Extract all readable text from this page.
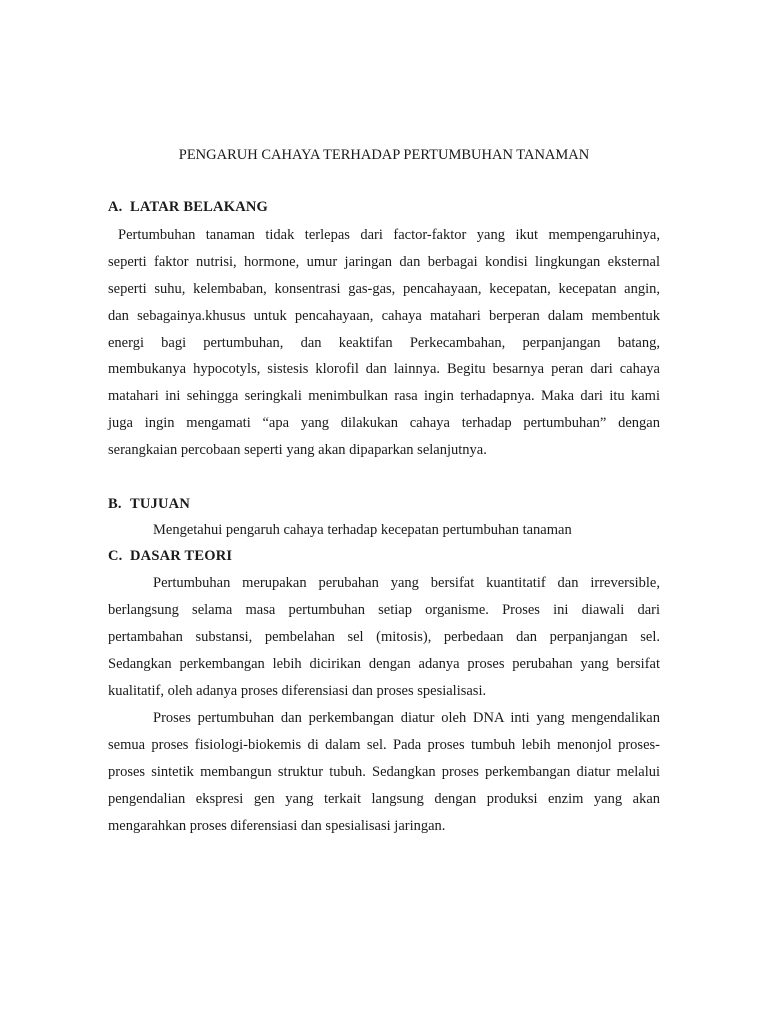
PENGARUH CAHAYA TERHADAP PERTUMBUHAN TANAMAN
A. LATAR BELAKANG
Pertumbuhan tanaman tidak terlepas dari factor-faktor yang ikut mempengaruhinya,
seperti faktor nutrisi, hormone, umur jaringan dan berbagai kondisi lingkungan eksternal
seperti suhu, kelembaban, konsentrasi gas-gas, pencahayaan, kecepatan, kecepatan angin,
dan sebagainya.khusus untuk pencahayaan, cahaya matahari berperan dalam membentuk
energi bagi pertumbuhan, dan keaktifan Perkecambahan, perpanjangan batang,
membukanya hypocotyls, sistesis klorofil dan lainnya. Begitu besarnya peran dari cahaya
matahari ini sehingga seringkali menimbulkan rasa ingin terhadapnya. Maka dari itu kami
juga ingin mengamati “apa yang dilakukan cahaya terhadap pertumbuhan” dengan
serangkaian percobaan seperti yang akan dipaparkan selanjutnya.
B. TUJUAN
Mengetahui pengaruh cahaya terhadap kecepatan pertumbuhan tanaman
C. DASAR TEORI
Pertumbuhan merupakan perubahan yang bersifat kuantitatif dan irreversible,
berlangsung selama masa pertumbuhan setiap organisme. Proses ini diawali dari
pertambahan substansi, pembelahan sel (mitosis), perbedaan dan perpanjangan sel.
Sedangkan perkembangan lebih dicirikan dengan adanya proses perubahan yang bersifat
kualitatif, oleh adanya proses diferensiasi dan proses spesialisasi.
Proses pertumbuhan dan perkembangan diatur oleh DNA inti yang mengendalikan
semua proses fisiologi-biokemis di dalam sel. Pada proses tumbuh lebih menonjol proses-
proses sintetik membangun struktur tubuh. Sedangkan proses perkembangan diatur melalui
pengendalian ekspresi gen yang terkait langsung dengan produksi enzim yang akan
mengarahkan proses diferensiasi dan spesialisasi jaringan.
